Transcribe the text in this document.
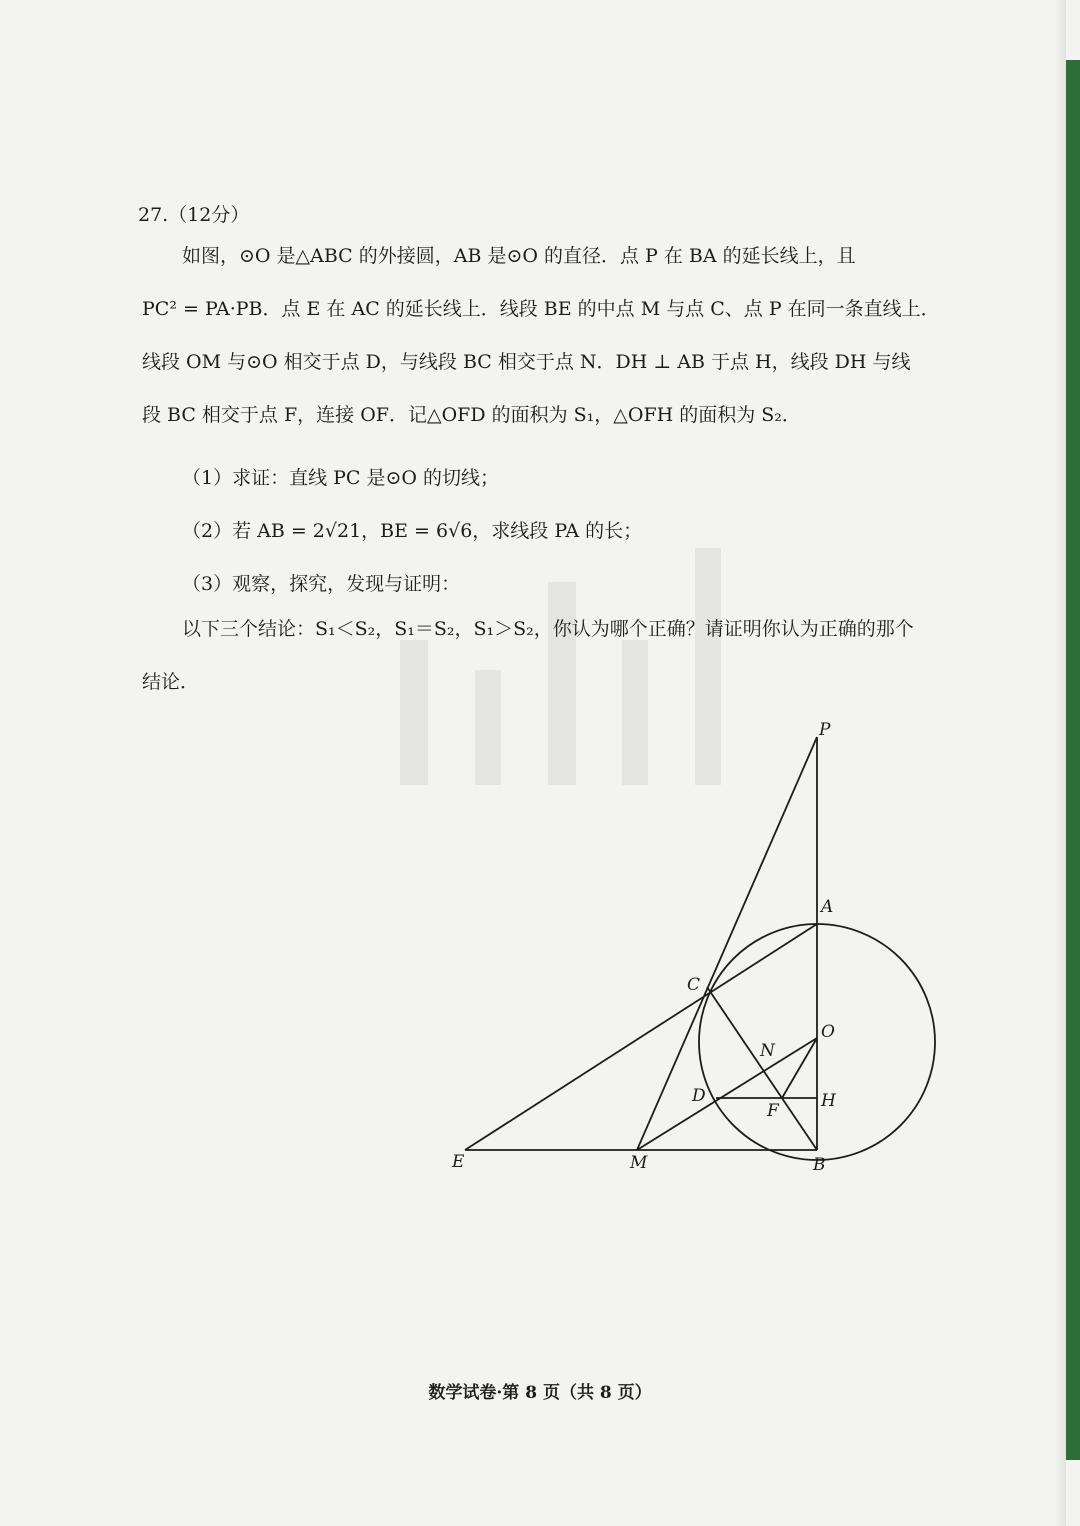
27.（12分）
如图，⊙O 是△ABC 的外接圆，AB 是⊙O 的直径．点 P 在 BA 的延长线上，且
PC² = PA·PB．点 E 在 AC 的延长线上．线段 BE 的中点 M 与点 C、点 P 在同一条直线上．
线段 OM 与⊙O 相交于点 D，与线段 BC 相交于点 N．DH ⊥ AB 于点 H，线段 DH 与线
段 BC 相交于点 F，连接 OF．记△OFD 的面积为 S₁，△OFH 的面积为 S₂．
（1）求证：直线 PC 是⊙O 的切线；
（2）若 AB = 2√21，BE = 6√6，求线段 PA 的长；
（3）观察，探究，发现与证明：
以下三个结论：S₁＜S₂，S₁＝S₂，S₁＞S₂，你认为哪个正确？请证明你认为正确的那个
结论．
P
A
C
O
N
D
F H
E	M	B
数学试卷·第 8 页（共 8 页）
